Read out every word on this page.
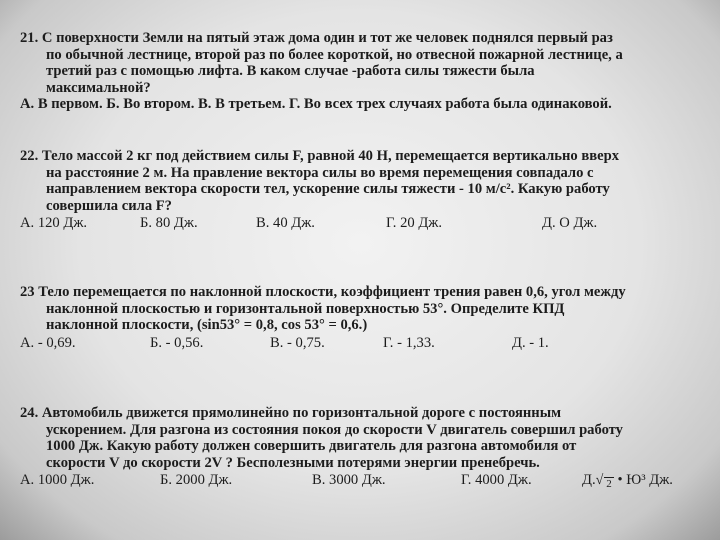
21. С поверхности Земли на пятый этаж дома один и тот же человек поднялся первый раз
по обычной лестнице, второй раз по более короткой, но отвесной пожарной лестнице, а
третий раз с помощью лифта. В каком случае -работа силы тяжести была
максимальной?
А. В первом. Б. Во втором. В. В третьем. Г. Во всех трех случаях работа была одинаковой.
22. Тело массой 2 кг под действием силы F, равной 40 Н, перемещается вертикально вверх
на расстояние 2 м. На правление вектора силы во время перемещения совпадало с
направлением вектора скорости тел, ускорение силы тяжести - 10 м/с². Какую работу
совершила сила F?
А. 120 Дж.	Б. 80 Дж.	В. 40 Дж.	Г. 20 Дж.	Д. О Дж.
23 Тело перемещается по наклонной плоскости, коэффициент трения равен 0,6, угол между
наклонной плоскостью и горизонтальной поверхностью 53°. Определите КПД
наклонной плоскости, (sin53° = 0,8, cos 53° = 0,6.)
А. - 0,69.	Б. - 0,56.	В. - 0,75.	Г. - 1,33.	Д. - 1.
24. Автомобиль движется прямолинейно по горизонтальной дороге с постоянным
ускорением. Для разгона из состояния покоя до скорости V двигатель совершил работу
1000 Дж. Какую работу должен совершить двигатель для разгона автомобиля от
скорости V до скорости 2V ? Бесполезными потерями энергии пренебречь.
А. 1000 Дж.	Б. 2000 Дж.	В. 3000 Дж.	Г. 4000 Дж.	Д.√ 2 • Ю³ Дж.
